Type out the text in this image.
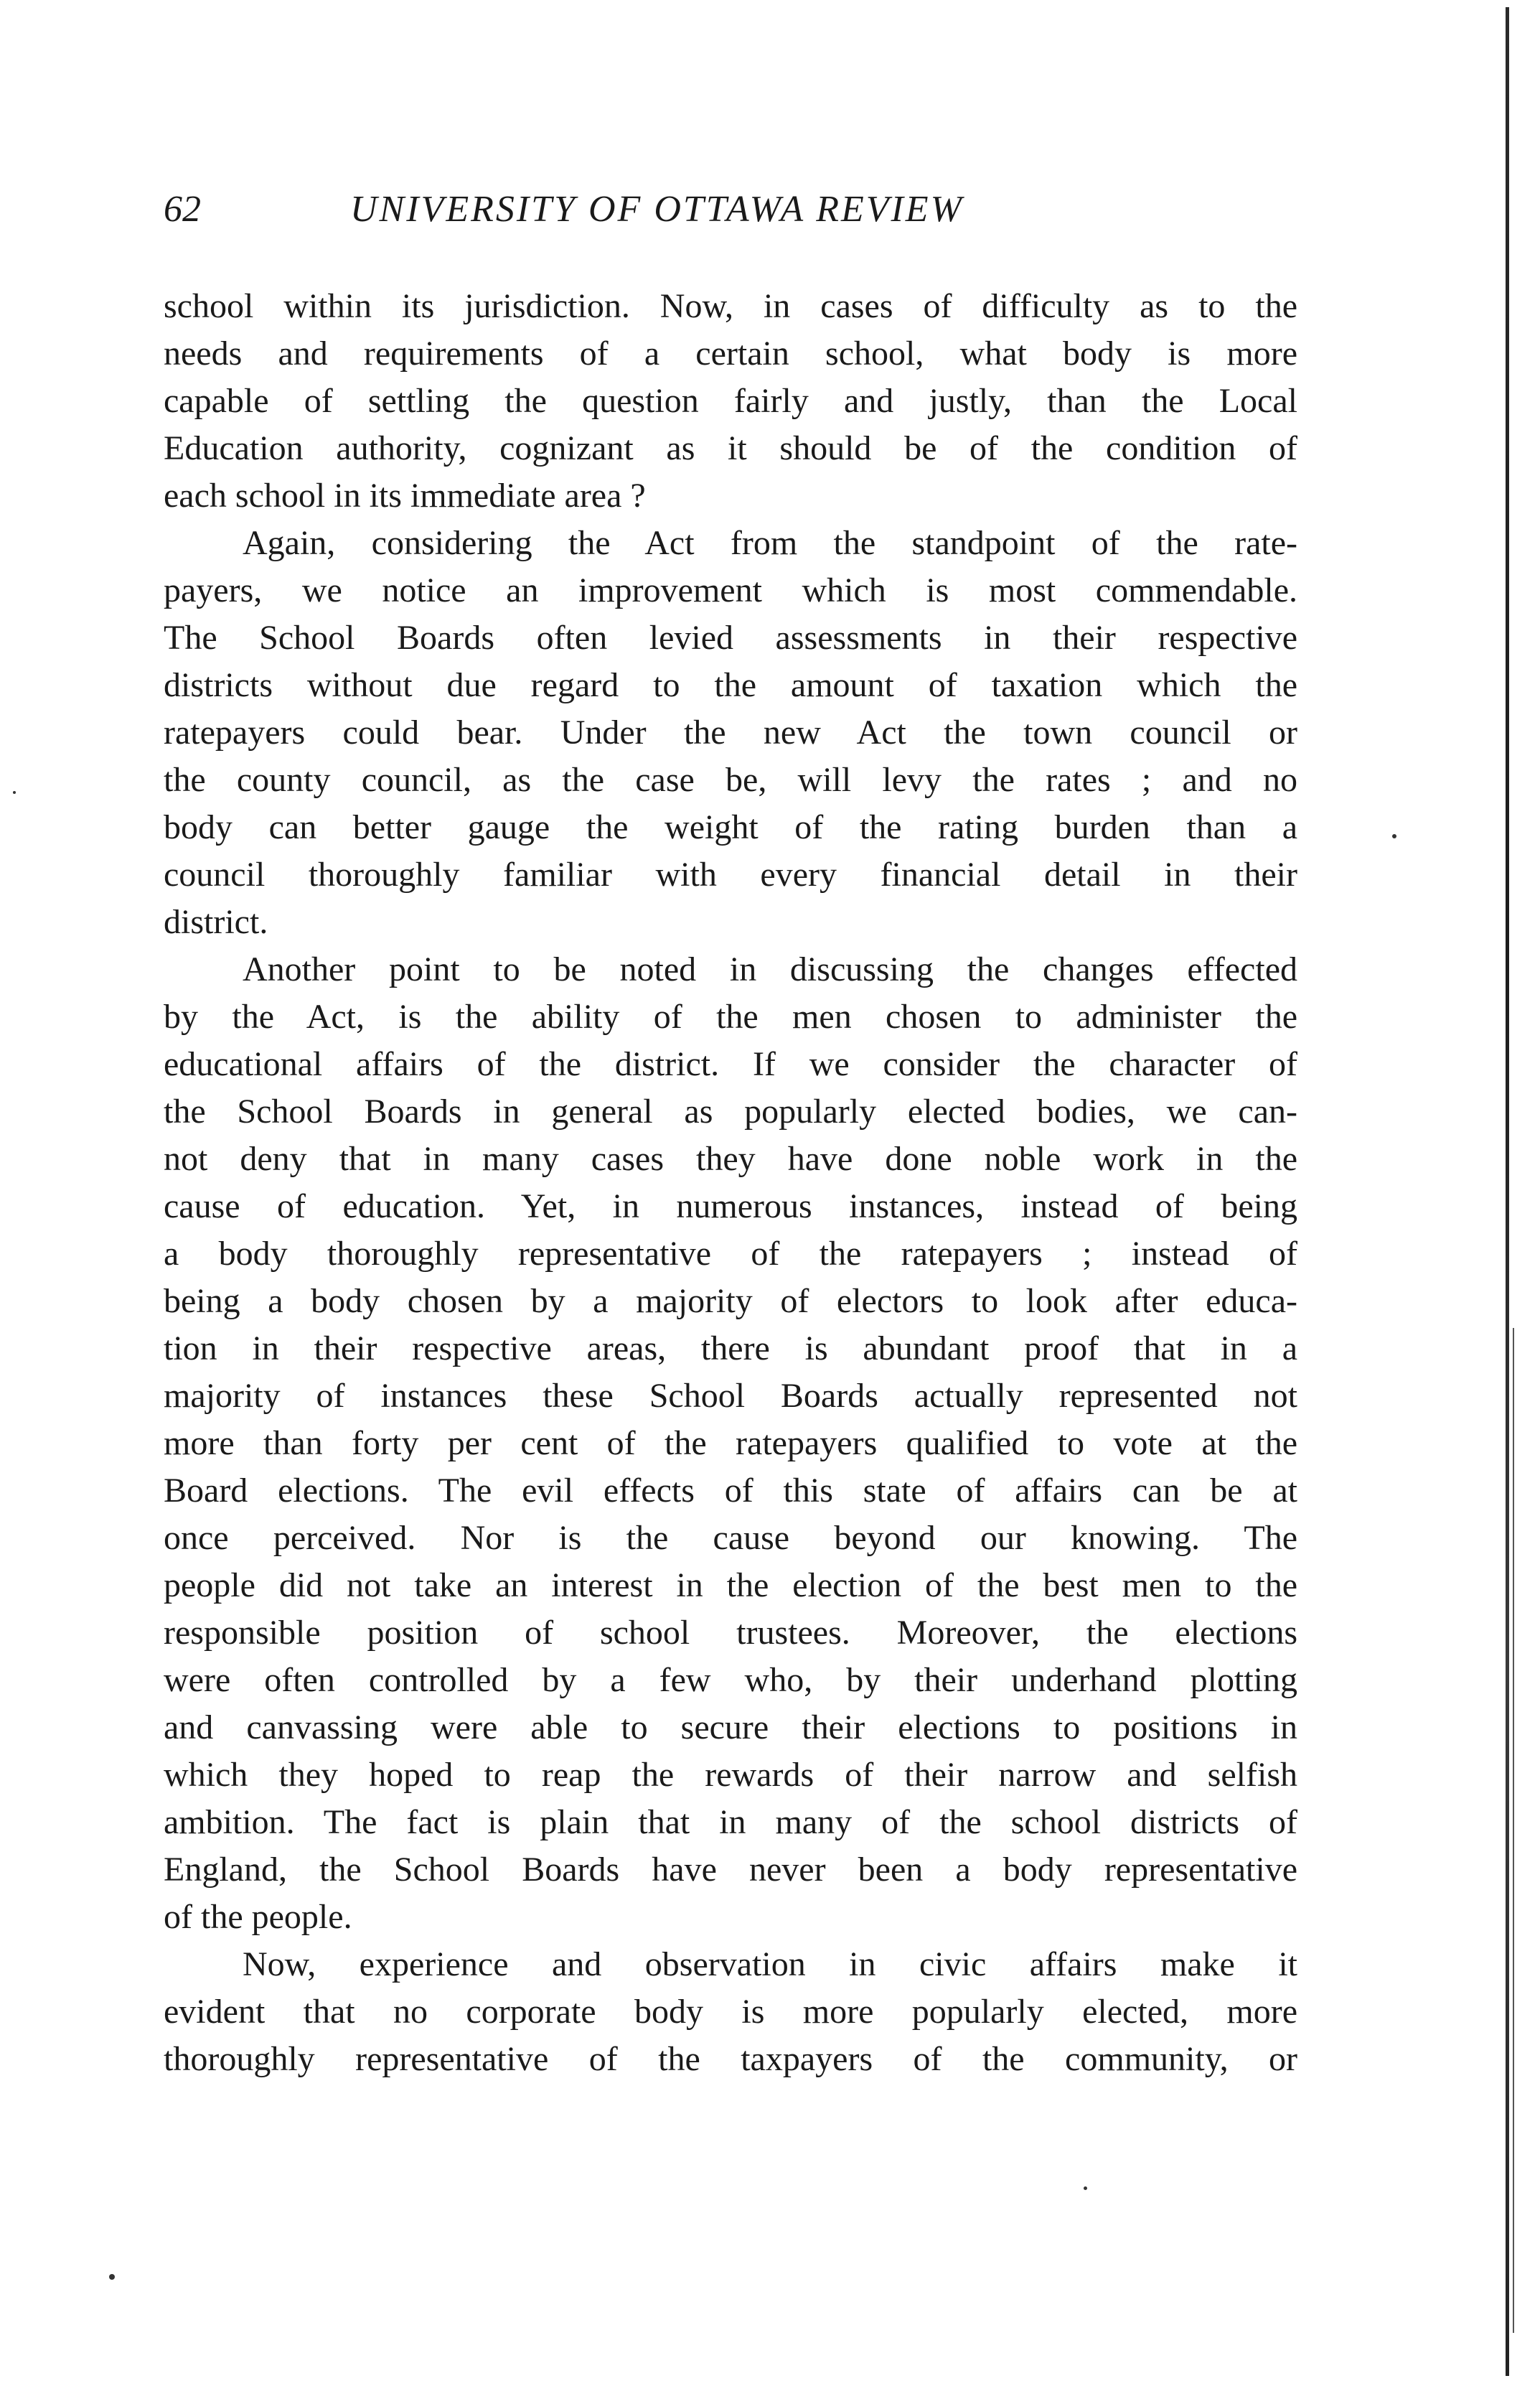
62	UNIVERSITY OF OTTAWA REVIEW
school within its jurisdiction. Now, in cases of difficulty as to the
needs and requirements of a certain school, what body is more
capable of settling the question fairly and justly, than the Local
Education authority, cognizant as it should be of the condition of
each school in its immediate area ?
Again, considering the Act from the standpoint of the rate-
payers, we notice an improvement which is most commendable.
The School Boards often levied assessments in their respective
districts without due regard to the amount of taxation which the
ratepayers could bear. Under the new Act the town council or
the county council, as the case be, will levy the rates ; and no
body can better gauge the weight of the rating burden than a
council thoroughly familiar with every financial detail in their
district.
Another point to be noted in discussing the changes effected
by the Act, is the ability of the men chosen to administer the
educational affairs of the district. If we consider the character of
the School Boards in general as popularly elected bodies, we can-
not deny that in many cases they have done noble work in the
cause of education. Yet, in numerous instances, instead of being
a body thoroughly representative of the ratepayers ; instead of
being a body chosen by a majority of electors to look after educa-
tion in their respective areas, there is abundant proof that in a
majority of instances these School Boards actually represented not
more than forty per cent of the ratepayers qualified to vote at the
Board elections. The evil effects of this state of affairs can be at
once perceived. Nor is the cause beyond our knowing. The
people did not take an interest in the election of the best men to the
responsible position of school trustees. Moreover, the elections
were often controlled by a few who, by their underhand plotting
and canvassing were able to secure their elections to positions in
which they hoped to reap the rewards of their narrow and selfish
ambition. The fact is plain that in many of the school districts of
England, the School Boards have never been a body representative
of the people.
Now, experience and observation in civic affairs make it
evident that no corporate body is more popularly elected, more
thoroughly representative of the taxpayers of the community, or
